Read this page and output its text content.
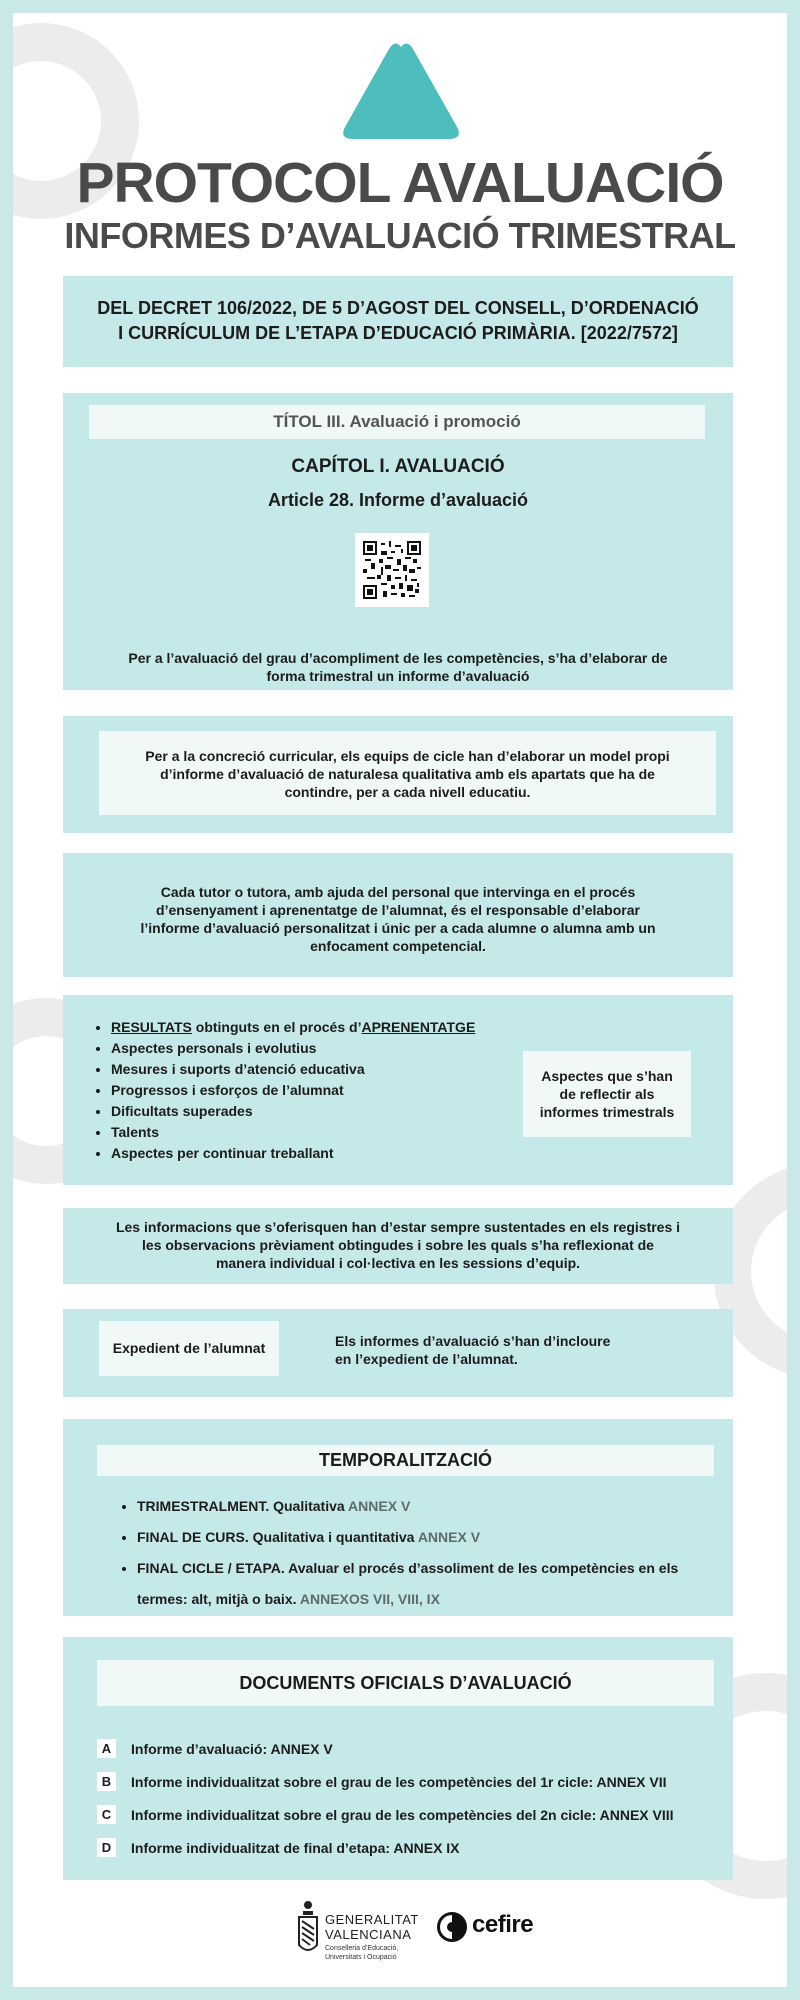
PROTOCOL AVALUACIÓ
INFORMES D’AVALUACIÓ TRIMESTRAL
DEL DECRET 106/2022, DE 5 D’AGOST DEL CONSELL, D’ORDENACIÓ
I CURRÍCULUM DE L’ETAPA D’EDUCACIÓ PRIMÀRIA. [2022/7572]
TÍTOL III. Avaluació i promoció
CAPÍTOL I. AVALUACIÓ
Article 28. Informe d’avaluació
Per a l’avaluació del grau d’acompliment de les competències, s’ha d’elaborar de
forma trimestral un informe d’avaluació
Per a la concreció curricular, els equips de cicle han d’elaborar un model propi
d’informe d’avaluació de naturalesa qualitativa amb els apartats que ha de
contindre, per a cada nivell educatiu.
Cada tutor o tutora, amb ajuda del personal que intervinga en el procés
d’ensenyament i aprenentatge de l’alumnat, és el responsable d’elaborar
l’informe d’avaluació personalitzat i únic per a cada alumne o alumna amb un
enfocament competencial.
• RESULTATS obtinguts en el procés d’APRENENTATGE
• Aspectes personals i evolutius
• Mesures i suports d’atenció educativa
• Progressos i esforços de l’alumnat
• Dificultats superades
• Talents
• Aspectes per continuar treballant
Aspectes que s’han
de reflectir als
informes trimestrals
Les informacions que s’oferisquen han d’estar sempre sustentades en els registres i
les observacions prèviament obtingudes i sobre les quals s’ha reflexionat de
manera individual i col·lectiva en les sessions d’equip.
Expedient de l’alumnat	Els informes d’avaluació s’han d’incloure
en l’expedient de l’alumnat.
TEMPORALITZACIÓ
• TRIMESTRALMENT. Qualitativa ANNEX V
• FINAL DE CURS. Qualitativa i quantitativa ANNEX V
• FINAL CICLE / ETAPA. Avaluar el procés d’assoliment de les competències en els
termes: alt, mitjà o baix. ANNEXOS VII, VIII, IX
DOCUMENTS OFICIALS D’AVALUACIÓ
A	Informe d’avaluació: ANNEX V
B	Informe individualitzat sobre el grau de les competències del 1r cicle: ANNEX VII
C	Informe individualitzat sobre el grau de les competències del 2n cicle: ANNEX VIII
D	Informe individualitzat de final d’etapa: ANNEX IX
GENERALITAT
VALENCIANA
Conselleria d’Educació,
Universitats i Ocupació
cefire
